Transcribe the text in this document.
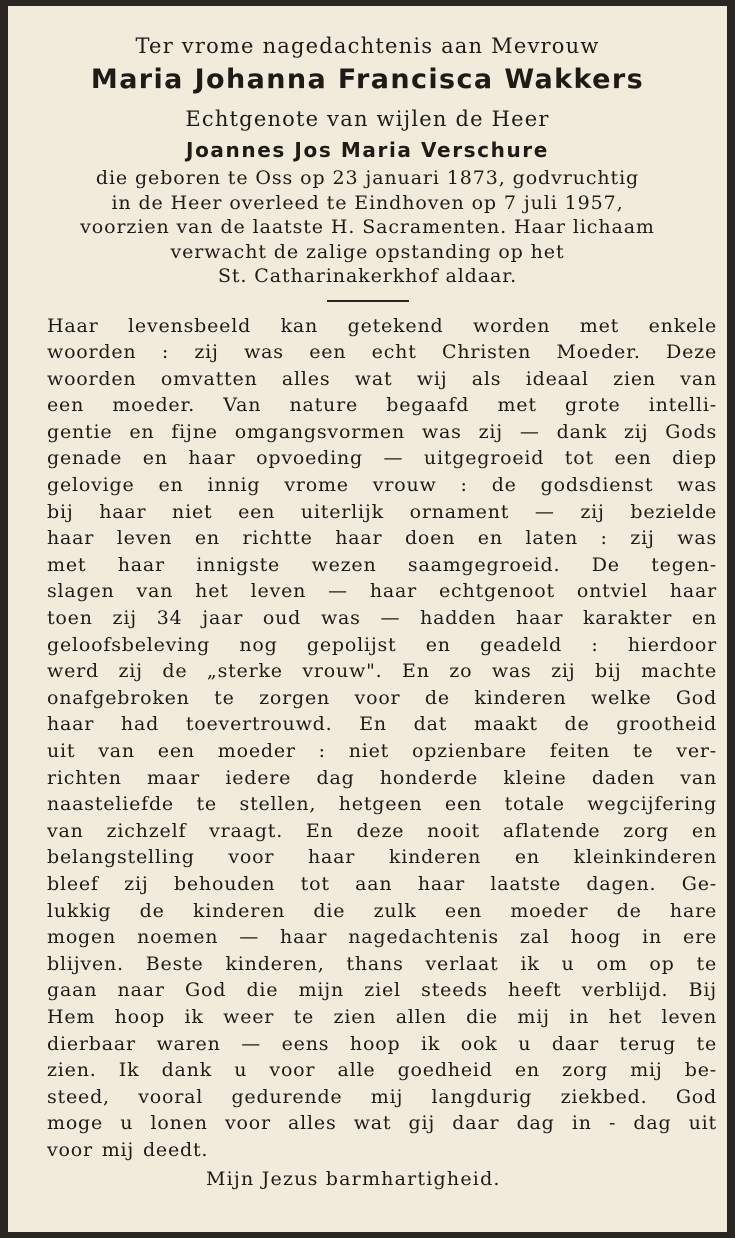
Ter vrome nagedachtenis aan Mevrouw
Maria Johanna Francisca Wakkers
Echtgenote van wijlen de Heer
Joannes Jos Maria Verschure
die geboren te Oss op 23 januari 1873, godvruchtig
in de Heer overleed te Eindhoven op 7 juli 1957,
voorzien van de laatste H. Sacramenten. Haar lichaam
verwacht de zalige opstanding op het
St. Catharinakerkhof aldaar.
Haar levensbeeld kan getekend worden met enkele
woorden : zij was een echt Christen Moeder. Deze
woorden omvatten alles wat wij als ideaal zien van
een moeder. Van nature begaafd met grote intelli-
gentie en fijne omgangsvormen was zij — dank zij Gods
genade en haar opvoeding — uitgegroeid tot een diep
gelovige en innig vrome vrouw : de godsdienst was
bij haar niet een uiterlijk ornament — zij bezielde
haar leven en richtte haar doen en laten : zij was
met haar innigste wezen saamgegroeid. De tegen-
slagen van het leven — haar echtgenoot ontviel haar
toen zij 34 jaar oud was — hadden haar karakter en
geloofsbeleving nog gepolijst en geadeld : hierdoor
werd zij de „sterke vrouw". En zo was zij bij machte
onafgebroken te zorgen voor de kinderen welke God
haar had toevertrouwd. En dat maakt de grootheid
uit van een moeder : niet opzienbare feiten te ver-
richten maar iedere dag honderde kleine daden van
naasteliefde te stellen, hetgeen een totale wegcijfering
van zichzelf vraagt. En deze nooit aflatende zorg en
belangstelling voor haar kinderen en kleinkinderen
bleef zij behouden tot aan haar laatste dagen. Ge-
lukkig de kinderen die zulk een moeder de hare
mogen noemen — haar nagedachtenis zal hoog in ere
blijven. Beste kinderen, thans verlaat ik u om op te
gaan naar God die mijn ziel steeds heeft verblijd. Bij
Hem hoop ik weer te zien allen die mij in het leven
dierbaar waren — eens hoop ik ook u daar terug te
zien. Ik dank u voor alle goedheid en zorg mij be-
steed, vooral gedurende mij langdurig ziekbed. God
moge u lonen voor alles wat gij daar dag in - dag uit
voor mij deedt.
Mijn Jezus barmhartigheid.
